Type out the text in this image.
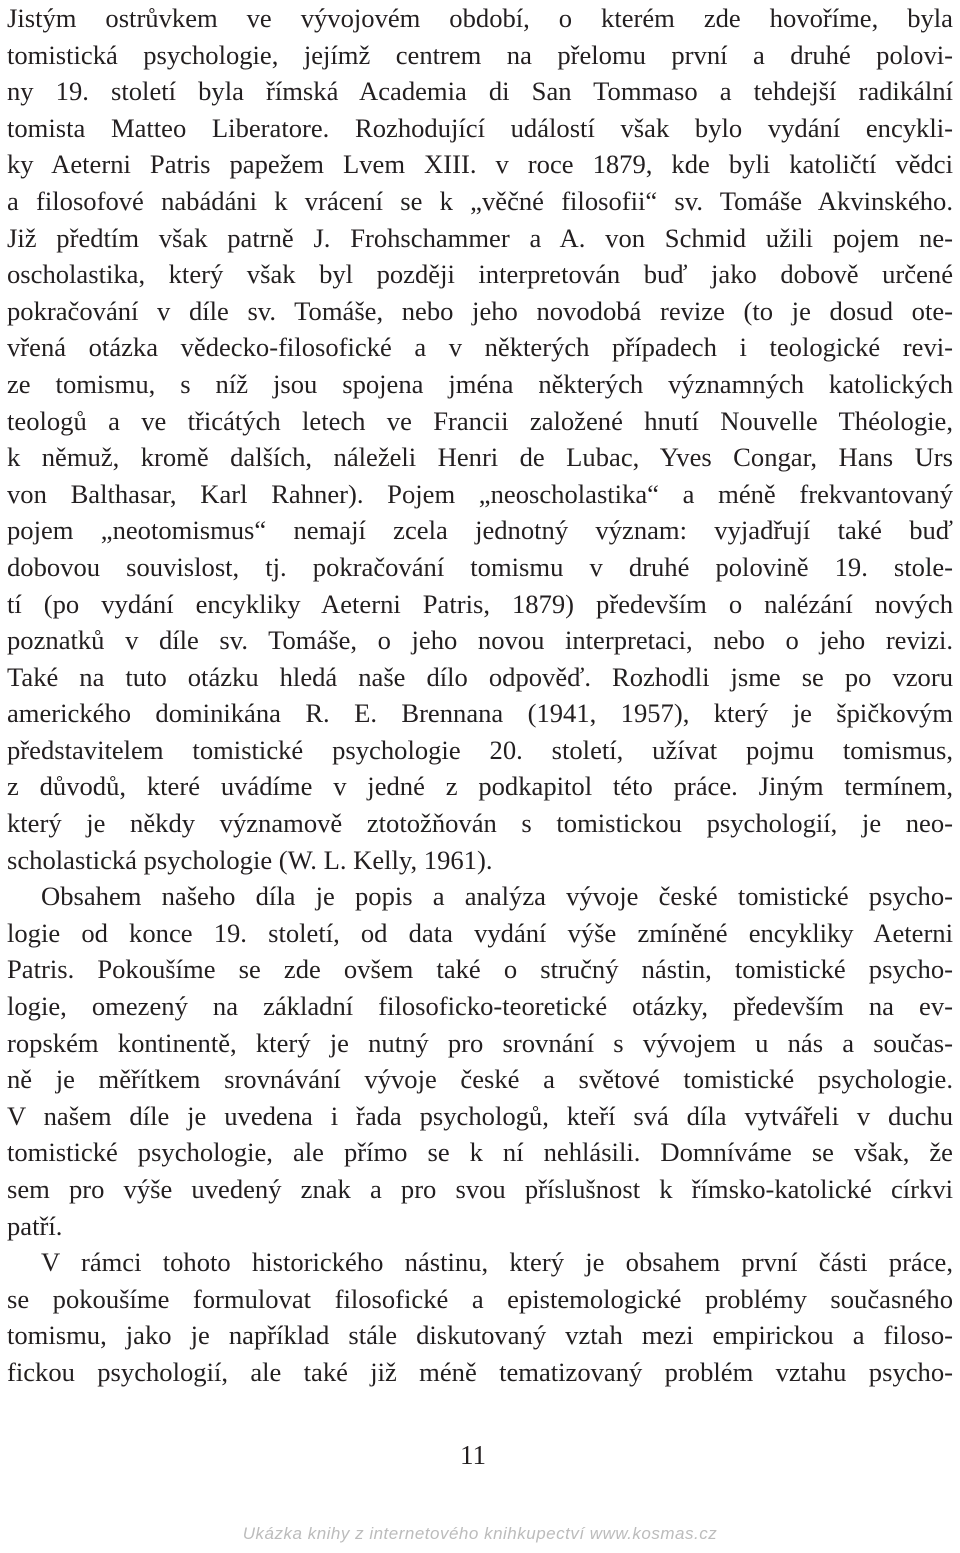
Jistým ostrůvkem ve vývojovém období, o kterém zde hovoříme, byla
tomistická psychologie, jejímž centrem na přelomu první a druhé polovi-
ny 19. století byla římská Academia di San Tommaso a tehdejší radikální
tomista Matteo Liberatore. Rozhodující událostí však bylo vydání encykli-
ky Aeterni Patris papežem Lvem XIII. v roce 1879, kde byli katoličtí vědci
a filosofové nabádáni k vrácení se k „věčné filosofii“ sv. Tomáše Akvinského.
Již předtím však patrně J. Frohschammer a A. von Schmid užili pojem ne-
oscholastika, který však byl později interpretován buď jako dobově určené
pokračování v díle sv. Tomáše, nebo jeho novodobá revize (to je dosud ote-
vřená otázka vědecko-filosofické a v některých případech i teologické revi-
ze tomismu, s níž jsou spojena jména některých významných katolických
teologů a ve třicátých letech ve Francii založené hnutí Nouvelle Théologie,
k němuž, kromě dalších, náleželi Henri de Lubac, Yves Congar, Hans Urs
von Balthasar, Karl Rahner). Pojem „neoscholastika“ a méně frekvantovaný
pojem „neotomismus“ nemají zcela jednotný význam: vyjadřují také buď
dobovou souvislost, tj. pokračování tomismu v druhé polovině 19. stole-
tí (po vydání encykliky Aeterni Patris, 1879) především o nalézání nových
poznatků v díle sv. Tomáše, o jeho novou interpretaci, nebo o jeho revizi.
Také na tuto otázku hledá naše dílo odpověď. Rozhodli jsme se po vzoru
amerického dominikána R. E. Brennana (1941, 1957), který je špičkovým
představitelem tomistické psychologie 20. století, užívat pojmu tomismus,
z důvodů, které uvádíme v jedné z podkapitol této práce. Jiným termínem,
který je někdy významově ztotožňován s tomistickou psychologií, je neo-
scholastická psychologie (W. L. Kelly, 1961).
Obsahem našeho díla je popis a analýza vývoje české tomistické psycho-
logie od konce 19. století, od data vydání výše zmíněné encykliky Aeterni
Patris. Pokoušíme se zde ovšem také o stručný nástin, tomistické psycho-
logie, omezený na základní filosoficko-teoretické otázky, především na ev-
ropském kontinentě, který je nutný pro srovnání s vývojem u nás a součas-
ně je měřítkem srovnávání vývoje české a světové tomistické psychologie.
V našem díle je uvedena i řada psychologů, kteří svá díla vytvářeli v duchu
tomistické psychologie, ale přímo se k ní nehlásili. Domníváme se však, že
sem pro výše uvedený znak a pro svou příslušnost k římsko-katolické církvi
patří.
V rámci tohoto historického nástinu, který je obsahem první části práce,
se pokoušíme formulovat filosofické a epistemologické problémy současného
tomismu, jako je například stále diskutovaný vztah mezi empirickou a filoso-
fickou psychologií, ale také již méně tematizovaný problém vztahu psycho-
11
Ukázka knihy z internetového knihkupectví www.kosmas.cz
